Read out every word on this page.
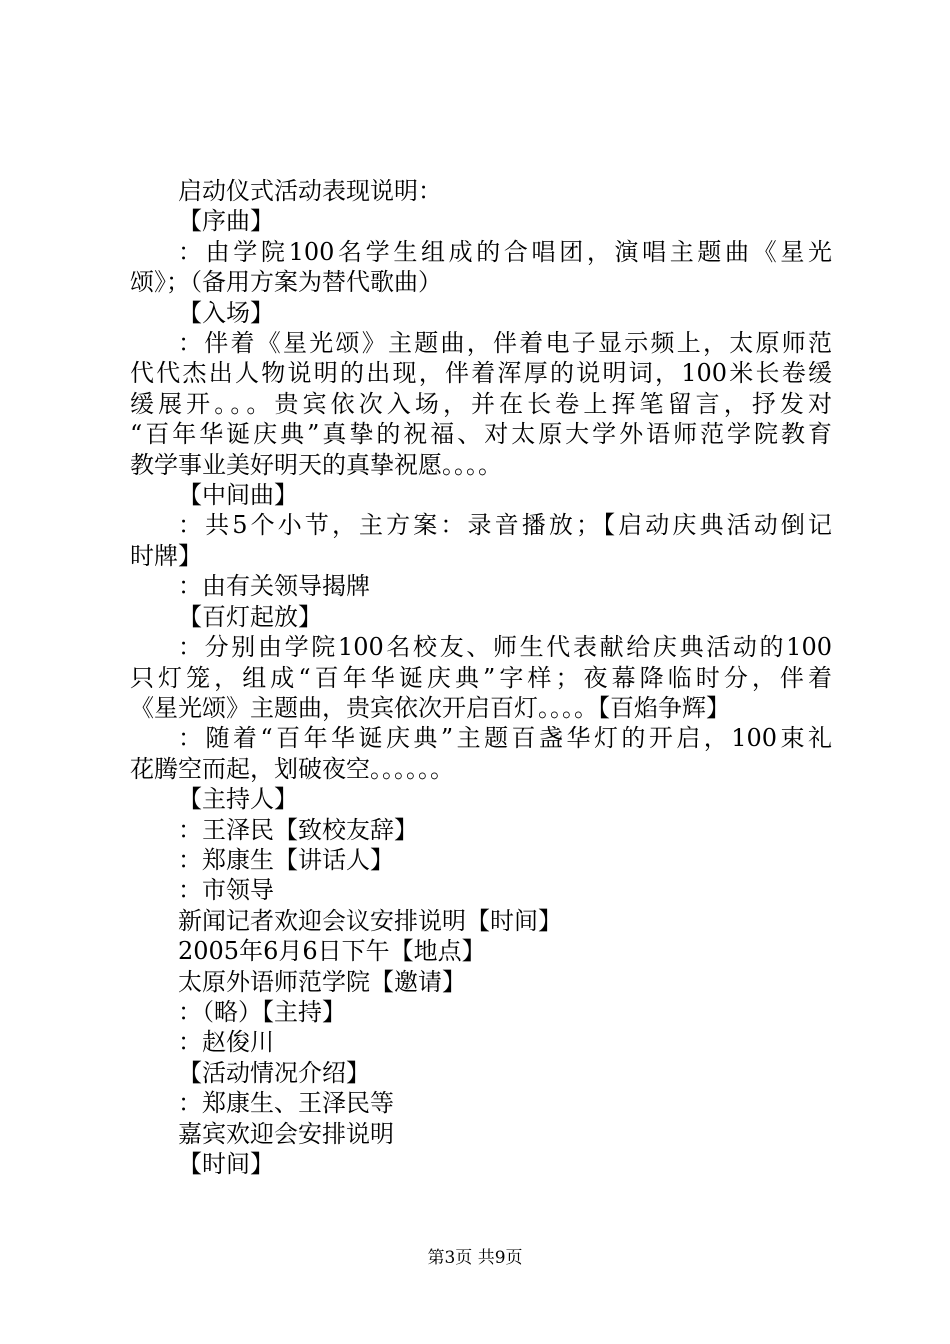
启动仪式活动表现说明：
【序曲】
：由学院100名学生组成的合唱团，演唱主题曲《星光
颂》；（备用方案为替代歌曲）
【入场】
：伴着《星光颂》主题曲，伴着电子显示频上，太原师范
代代杰出人物说明的出现，伴着浑厚的说明词，100米长卷缓
缓展开。。。贵宾依次入场，并在长卷上挥笔留言，抒发对
“百年华诞庆典”真挚的祝福、对太原大学外语师范学院教育
教学事业美好明天的真挚祝愿。。。。
【中间曲】
：共5个小节，主方案：录音播放；【启动庆典活动倒记
时牌】
：由有关领导揭牌
【百灯起放】
：分别由学院100名校友、师生代表献给庆典活动的100
只灯笼，组成“百年华诞庆典”字样；夜幕降临时分，伴着
《星光颂》主题曲，贵宾依次开启百灯。。。。【百焰争辉】
：随着“百年华诞庆典”主题百盏华灯的开启，100束礼
花腾空而起，划破夜空。。。。。。
【主持人】
：王泽民【致校友辞】
：郑康生【讲话人】
：市领导
新闻记者欢迎会议安排说明【时间】
2005年6月6日下午【地点】
太原外语师范学院【邀请】
：（略）【主持】
：赵俊川
【活动情况介绍】
：郑康生、王泽民等
嘉宾欢迎会安排说明
【时间】
第3页 共9页
